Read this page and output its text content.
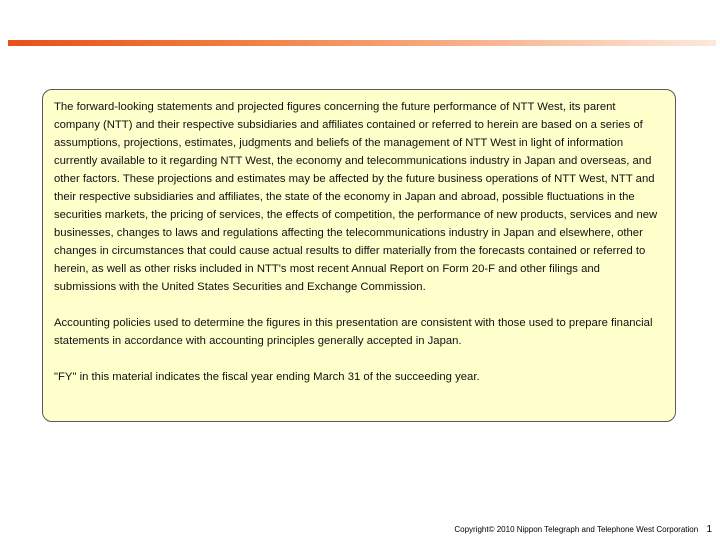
The forward-looking statements and projected figures concerning the future performance of NTT West, its parent company (NTT) and their respective subsidiaries and affiliates contained or referred to herein are based on a series of assumptions, projections, estimates, judgments and beliefs of the management of NTT West in light of information currently available to it regarding NTT West, the economy and telecommunications industry in Japan and overseas, and other factors. These projections and estimates may be affected by the future business operations of NTT West, NTT and their respective subsidiaries and affiliates, the state of the economy in Japan and abroad, possible fluctuations in the securities markets, the pricing of services, the effects of competition, the performance of new products, services and new businesses, changes to laws and regulations affecting the telecommunications industry in Japan and elsewhere, other changes in circumstances that could cause actual results to differ materially from the forecasts contained or referred to herein, as well as other risks included in NTT's most recent Annual Report on Form 20-F and other filings and submissions with the United States Securities and Exchange Commission.

Accounting policies used to determine the figures in this presentation are consistent with those used to prepare financial statements in accordance with accounting principles generally accepted in Japan.

"FY" in this material indicates the fiscal year ending March 31 of the succeeding year.

Copyright© 2010 Nippon Telegraph and Telephone West Corporation 1
